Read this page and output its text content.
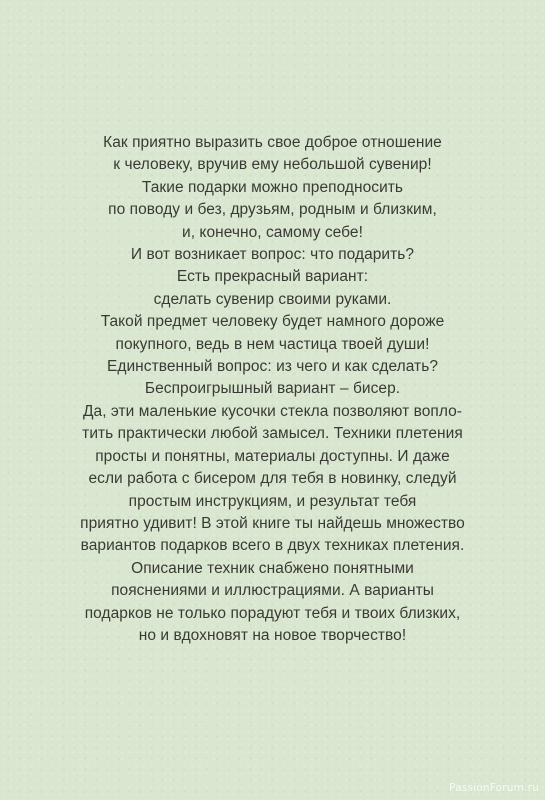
Как приятно выразить свое доброе отношение
к человеку, вручив ему небольшой сувенир!
Такие подарки можно преподносить
по поводу и без, друзьям, родным и близким,
и, конечно, самому себе!
И вот возникает вопрос: что подарить?
Есть прекрасный вариант:
сделать сувенир своими руками.
Такой предмет человеку будет намного дороже
покупного, ведь в нем частица твоей души!
Единственный вопрос: из чего и как сделать?
Беспроигрышный вариант – бисер.
Да, эти маленькие кусочки стекла позволяют вопло-
тить практически любой замысел. Техники плетения
просты и понятны, материалы доступны. И даже
если работа с бисером для тебя в новинку, следуй
простым инструкциям, и результат тебя
приятно удивит! В этой книге ты найдешь множество
вариантов подарков всего в двух техниках плетения.
Описание техник снабжено понятными
пояснениями и иллюстрациями. А варианты
подарков не только порадуют тебя и твоих близких,
но и вдохновят на новое творчество!
PassionForum.ru
